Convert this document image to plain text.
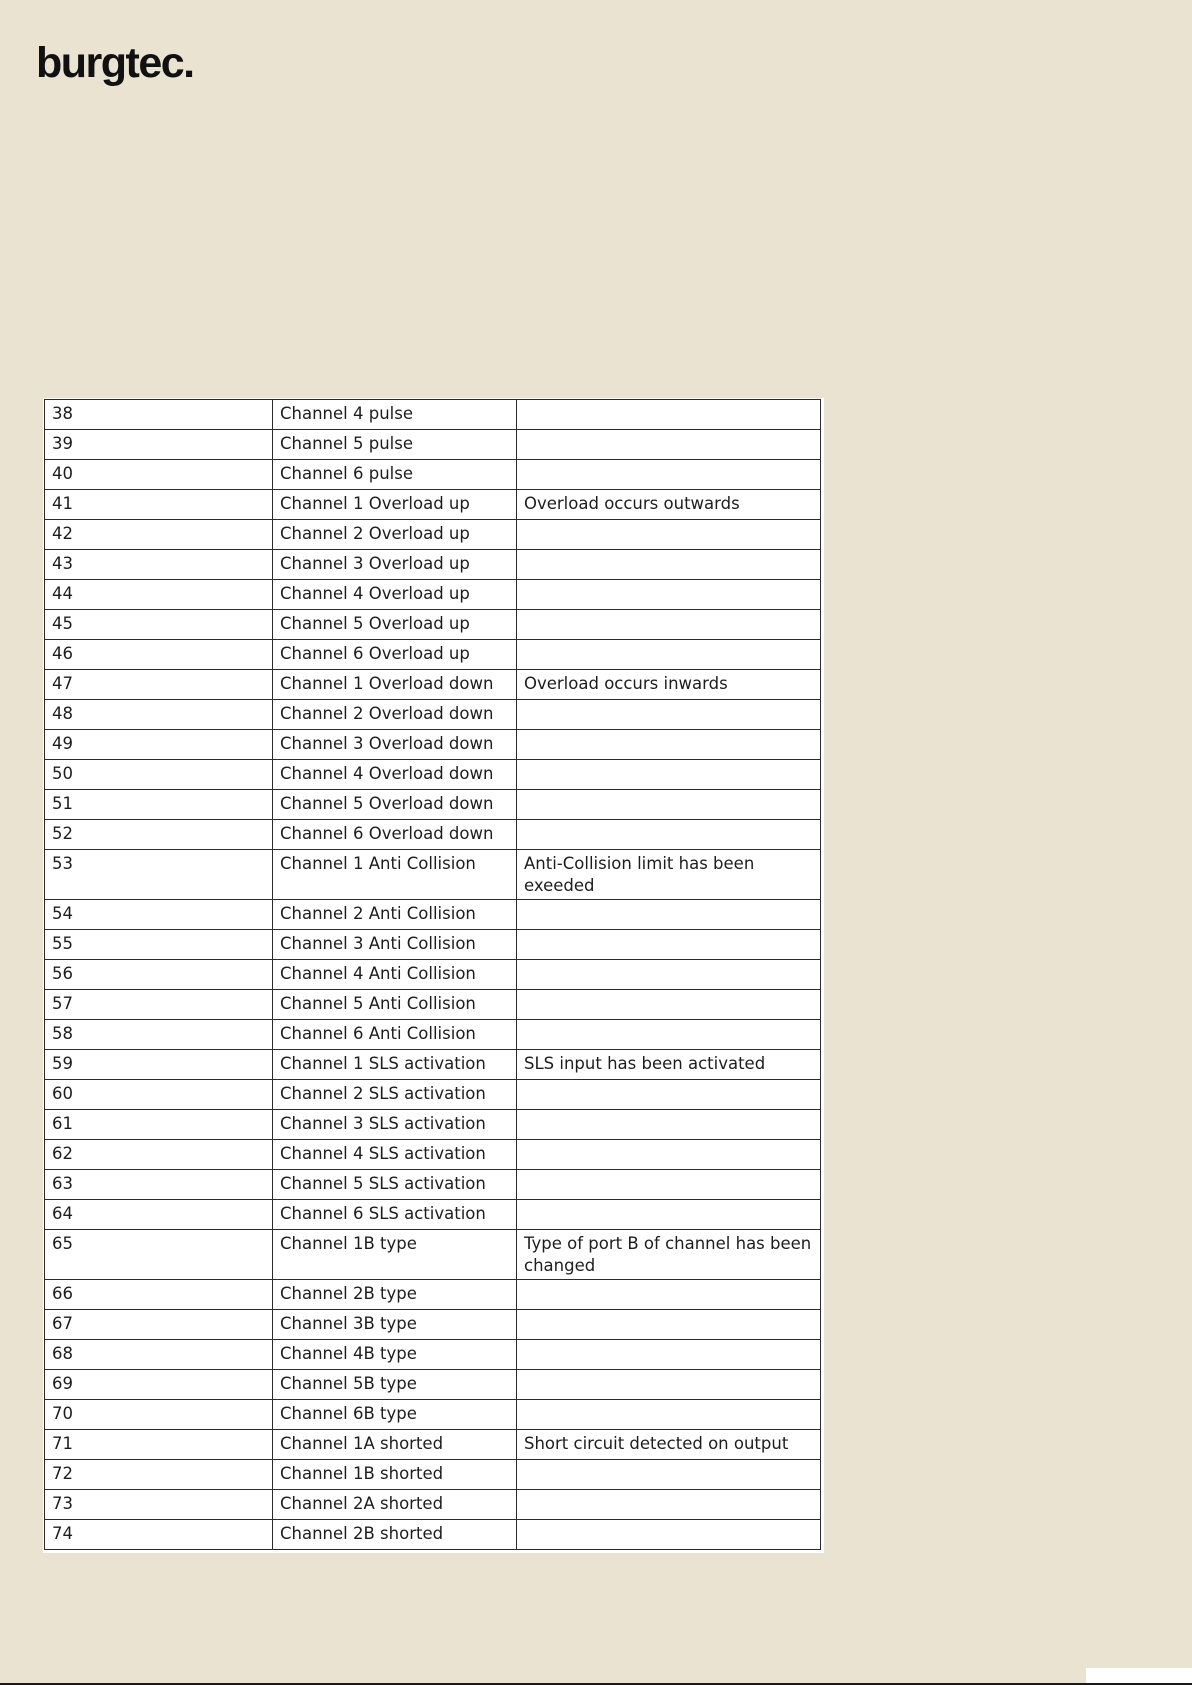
burgtec.
38	Channel 4 pulse	
39	Channel 5 pulse	
40	Channel 6 pulse	
41	Channel 1 Overload up	Overload occurs outwards
42	Channel 2 Overload up	
43	Channel 3 Overload up	
44	Channel 4 Overload up	
45	Channel 5 Overload up	
46	Channel 6 Overload up	
47	Channel 1 Overload down	Overload occurs inwards
48	Channel 2 Overload down	
49	Channel 3 Overload down	
50	Channel 4 Overload down	
51	Channel 5 Overload down	
52	Channel 6 Overload down	
53	Channel 1 Anti Collision	Anti-Collision limit has been exeeded
54	Channel 2 Anti Collision	
55	Channel 3 Anti Collision	
56	Channel 4 Anti Collision	
57	Channel 5 Anti Collision	
58	Channel 6 Anti Collision	
59	Channel 1 SLS activation	SLS input has been activated
60	Channel 2 SLS activation	
61	Channel 3 SLS activation	
62	Channel 4 SLS activation	
63	Channel 5 SLS activation	
64	Channel 6 SLS activation	
65	Channel 1B type	Type of port B of channel has been changed
66	Channel 2B type	
67	Channel 3B type	
68	Channel 4B type	
69	Channel 5B type	
70	Channel 6B type	
71	Channel 1A shorted	Short circuit detected on output
72	Channel 1B shorted	
73	Channel 2A shorted	
74	Channel 2B shorted	
